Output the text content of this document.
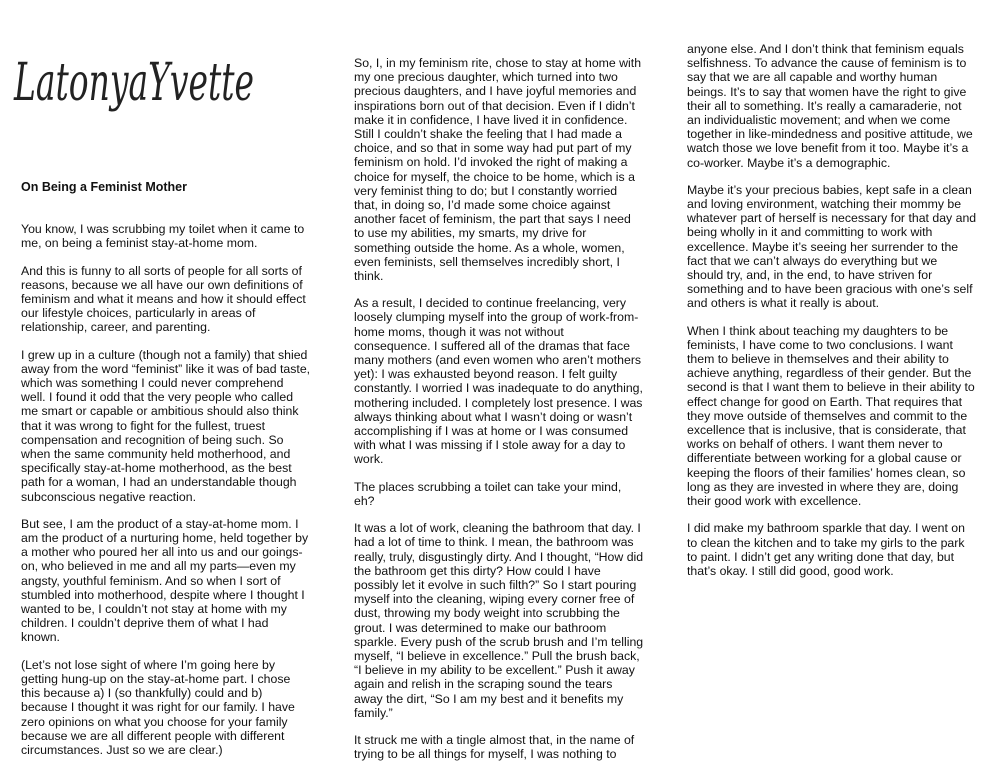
LatonyaYvette
On Being a Feminist Mother

You know, I was scrubbing my toilet when it came to
me, on being a feminist stay-at-home mom.

And this is funny to all sorts of people for all sorts of
reasons, because we all have our own definitions of
feminism and what it means and how it should effect
our lifestyle choices, particularly in areas of
relationship, career, and parenting.

I grew up in a culture (though not a family) that shied
away from the word “feminist” like it was of bad taste,
which was something I could never comprehend
well. I found it odd that the very people who called
me smart or capable or ambitious should also think
that it was wrong to fight for the fullest, truest
compensation and recognition of being such. So
when the same community held motherhood, and
specifically stay-at-home motherhood, as the best
path for a woman, I had an understandable though
subconscious negative reaction.

But see, I am the product of a stay-at-home mom. I
am the product of a nurturing home, held together by
a mother who poured her all into us and our goings-
on, who believed in me and all my parts—even my
angsty, youthful feminism. And so when I sort of
stumbled into motherhood, despite where I thought I
wanted to be, I couldn’t not stay at home with my
children. I couldn’t deprive them of what I had
known.

(Let’s not lose sight of where I’m going here by
getting hung-up on the stay-at-home part. I chose
this because a) I (so thankfully) could and b)
because I thought it was right for our family. I have
zero opinions on what you choose for your family
because we are all different people with different
circumstances. Just so we are clear.)

So, I, in my feminism rite, chose to stay at home with
my one precious daughter, which turned into two
precious daughters, and I have joyful memories and
inspirations born out of that decision. Even if I didn’t
make it in confidence, I have lived it in confidence.
Still I couldn’t shake the feeling that I had made a
choice, and so that in some way had put part of my
feminism on hold. I’d invoked the right of making a
choice for myself, the choice to be home, which is a
very feminist thing to do; but I constantly worried
that, in doing so, I’d made some choice against
another facet of feminism, the part that says I need
to use my abilities, my smarts, my drive for
something outside the home. As a whole, women,
even feminists, sell themselves incredibly short, I
think.

As a result, I decided to continue freelancing, very
loosely clumping myself into the group of work-from-
home moms, though it was not without
consequence. I suffered all of the dramas that face
many mothers (and even women who aren’t mothers
yet): I was exhausted beyond reason. I felt guilty
constantly. I worried I was inadequate to do anything,
mothering included. I completely lost presence. I was
always thinking about what I wasn’t doing or wasn’t
accomplishing if I was at home or I was consumed
with what I was missing if I stole away for a day to
work.

The places scrubbing a toilet can take your mind,
eh?

It was a lot of work, cleaning the bathroom that day. I
had a lot of time to think. I mean, the bathroom was
really, truly, disgustingly dirty. And I thought, “How did
the bathroom get this dirty? How could I have
possibly let it evolve in such filth?” So I start pouring
myself into the cleaning, wiping every corner free of
dust, throwing my body weight into scrubbing the
grout. I was determined to make our bathroom
sparkle. Every push of the scrub brush and I’m telling
myself, “I believe in excellence.” Pull the brush back,
“I believe in my ability to be excellent.” Push it away
again and relish in the scraping sound the tears
away the dirt, “So I am my best and it benefits my
family.”

It struck me with a tingle almost that, in the name of
trying to be all things for myself, I was nothing to

anyone else. And I don’t think that feminism equals
selfishness. To advance the cause of feminism is to
say that we are all capable and worthy human
beings. It’s to say that women have the right to give
their all to something. It’s really a camaraderie, not
an individualistic movement; and when we come
together in like-mindedness and positive attitude, we
watch those we love benefit from it too. Maybe it’s a
co-worker. Maybe it’s a demographic.

Maybe it’s your precious babies, kept safe in a clean
and loving environment, watching their mommy be
whatever part of herself is necessary for that day and
being wholly in it and committing to work with
excellence. Maybe it’s seeing her surrender to the
fact that we can’t always do everything but we
should try, and, in the end, to have striven for
something and to have been gracious with one’s self
and others is what it really is about.

When I think about teaching my daughters to be
feminists, I have come to two conclusions. I want
them to believe in themselves and their ability to
achieve anything, regardless of their gender. But the
second is that I want them to believe in their ability to
effect change for good on Earth. That requires that
they move outside of themselves and commit to the
excellence that is inclusive, that is considerate, that
works on behalf of others. I want them never to
differentiate between working for a global cause or
keeping the floors of their families’ homes clean, so
long as they are invested in where they are, doing
their good work with excellence.

I did make my bathroom sparkle that day. I went on
to clean the kitchen and to take my girls to the park
to paint. I didn’t get any writing done that day, but
that’s okay. I still did good, good work.
